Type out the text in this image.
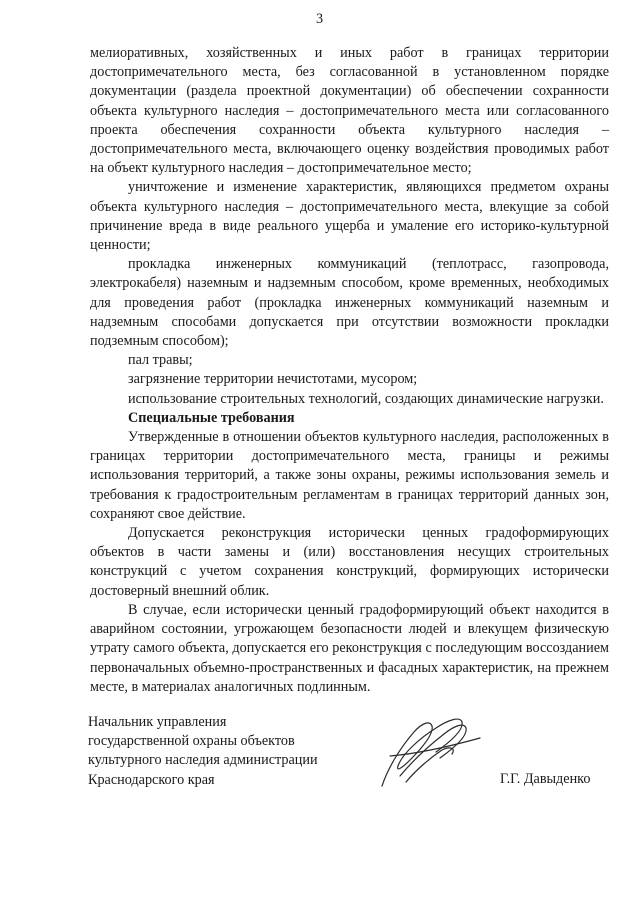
3

мелиоративных, хозяйственных и иных работ в границах территории достопримечательного места, без согласованной в установленном порядке документации (раздела проектной документации) об обеспечении сохранности объекта культурного наследия – достопримечательного места или согласованного проекта обеспечения сохранности объекта культурного наследия – достопримечательного места, включающего оценку воздействия проводимых работ на объект культурного наследия – достопримечательное место;

уничтожение и изменение характеристик, являющихся предметом охраны объекта культурного наследия – достопримечательного места, влекущие за собой причинение вреда в виде реального ущерба и умаление его историко-культурной ценности;

прокладка инженерных коммуникаций (теплотрасс, газопровода, электрокабеля) наземным и надземным способом, кроме временных, необходимых для проведения работ (прокладка инженерных коммуникаций наземным и надземным способами допускается при отсутствии возможности прокладки подземным способом);

пал травы;

загрязнение территории нечистотами, мусором;

использование строительных технологий, создающих динамические нагрузки.

Специальные требования

Утвержденные в отношении объектов культурного наследия, расположенных в границах территории достопримечательного места, границы и режимы использования территорий, а также зоны охраны, режимы использования земель и требования к градостроительным регламентам в границах территорий данных зон, сохраняют свое действие.

Допускается реконструкция исторически ценных градоформирующих объектов в части замены и (или) восстановления несущих строительных конструкций с учетом сохранения конструкций, формирующих исторически достоверный внешний облик.

В случае, если исторически ценный градоформирующий объект находится в аварийном состоянии, угрожающем безопасности людей и влекущем физическую утрату самого объекта, допускается его реконструкция с последующим воссозданием первоначальных объемно-пространственных и фасадных характеристик, на прежнем месте, в материалах аналогичных подлинным.

Начальник управления
государственной охраны объектов
культурного наследия администрации
Краснодарского края	Г.Г. Давыденко
